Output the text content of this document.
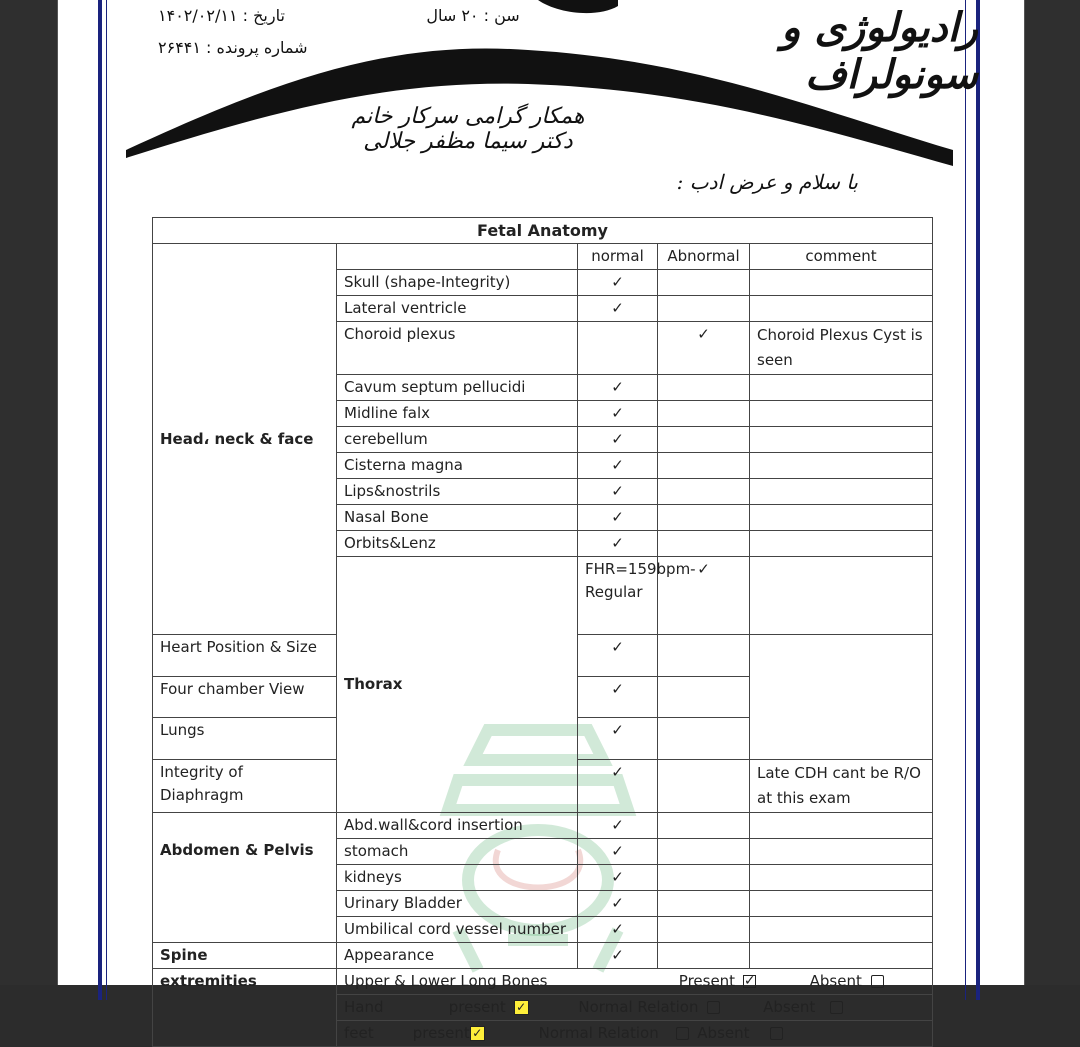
تاریخ : ۱۴۰۲/۰۲/۱۱
شماره پرونده : ۲۶۴۴۱
سن : ۲۰ سال	رادیولوژی و سونولراف
همکار گرامی سرکار خانم دکتر سیما مظفر جلالی
با سلام و عرض ادب :
Fetal Anatomy					
Head، neck & face		normal	Abnormal	comment	
	Skull (shape-Integrity)	✓			
	Lateral ventricle	✓			
	Choroid plexus		✓	Choroid Plexus Cyst is seen	
	Cavum septum pellucidi	✓			
	Midline falx	✓			
	cerebellum	✓			
	Cisterna magna	✓			
	Lips&nostrils	✓			
	Nasal Bone	✓			
	Orbits&Lenz	✓			
	Thorax	FHR=159bpm-Regular	✓		
Heart Position & Size		✓			
Four chamber View		✓			
Lungs		✓			
Integrity of Diaphragm		✓		Late CDH cant be R/O at this exam	
Abdomen & Pelvis	Abd.wall&cord insertion	✓			
	stomach	✓			
	kidneys	✓			
	Urinary Bladder	✓			
	Umbilical cord vessel number	✓			
Spine	Appearance	✓			
extremities	Upper & Lower Long Bones Present ✓ Absent				
	Hand present ✓ Normal Relation Absent				
	feet present ✓ Normal Relation Absent				
